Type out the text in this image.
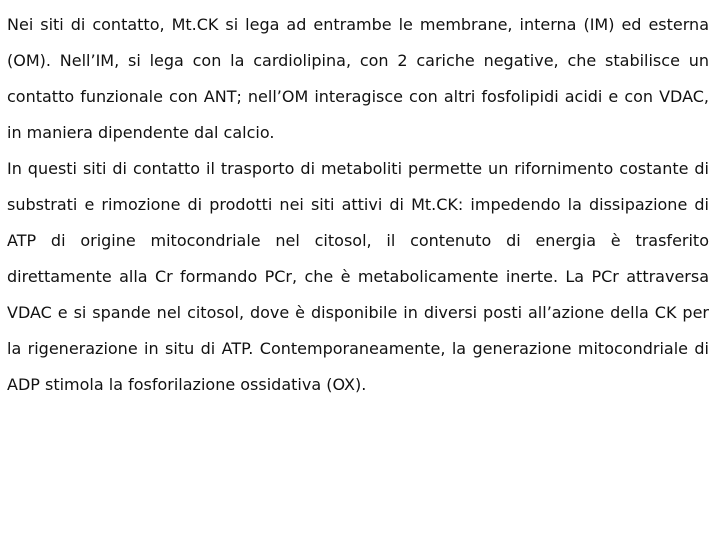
Nei siti di contatto, Mt.CK si lega ad entrambe le membrane, interna (IM) ed esterna (OM). Nell’IM, si lega con la cardiolipina, con 2 cariche negative, che stabilisce un contatto funzionale con ANT; nell’OM interagisce con altri fosfolipidi acidi e con VDAC, in maniera dipendente dal calcio.

In questi siti di contatto il trasporto di metaboliti permette un rifornimento costante di substrati e rimozione di prodotti nei siti attivi di Mt.CK: impedendo la dissipazione di ATP di origine mitocondriale nel citosol, il contenuto di energia è trasferito direttamente alla Cr formando PCr, che è metabolicamente inerte. La PCr attraversa VDAC e si spande nel citosol, dove è disponibile in diversi posti all’azione della CK per la rigenerazione in situ di ATP. Contemporaneamente, la generazione mitocondriale di ADP stimola la fosforilazione ossidativa (OX).
